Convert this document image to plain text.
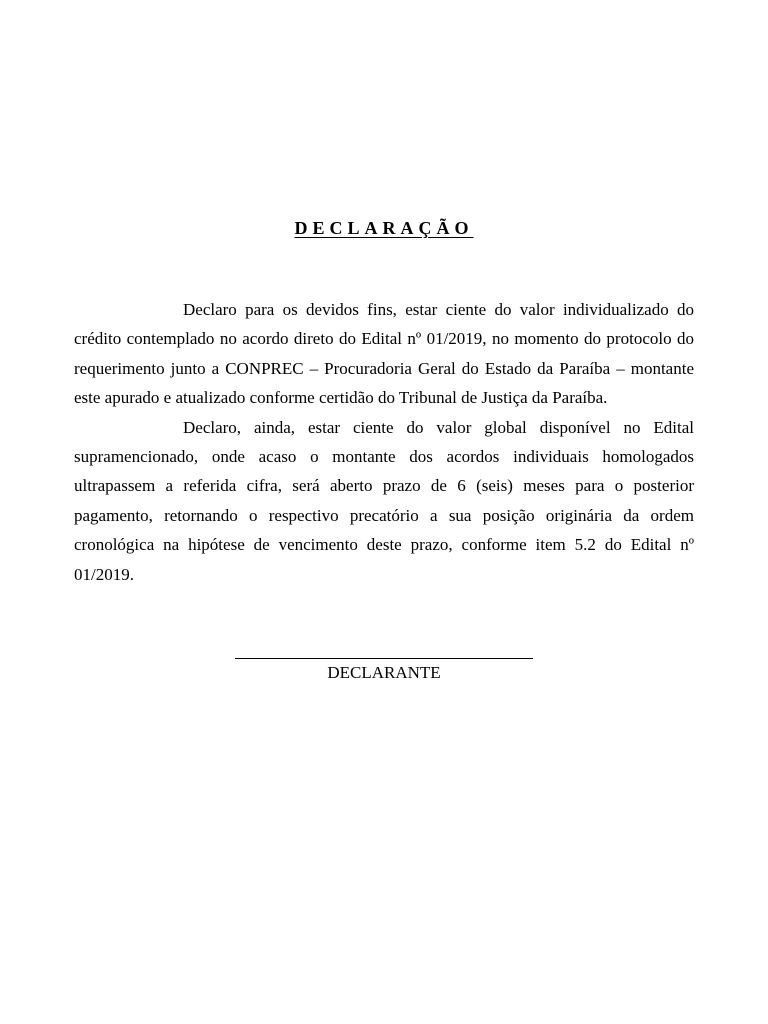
DECLARAÇÃO

Declaro para os devidos fins, estar ciente do valor individualizado do crédito contemplado no acordo direto do Edital nº 01/2019, no momento do protocolo do requerimento junto a CONPREC – Procuradoria Geral do Estado da Paraíba – montante este apurado e atualizado conforme certidão do Tribunal de Justiça da Paraíba.

Declaro, ainda, estar ciente do valor global disponível no Edital supramencionado, onde acaso o montante dos acordos individuais homologados ultrapassem a referida cifra, será aberto prazo de 6 (seis) meses para o posterior pagamento, retornando o respectivo precatório a sua posição originária da ordem cronológica na hipótese de vencimento deste prazo, conforme item 5.2 do Edital nº 01/2019.

DECLARANTE
